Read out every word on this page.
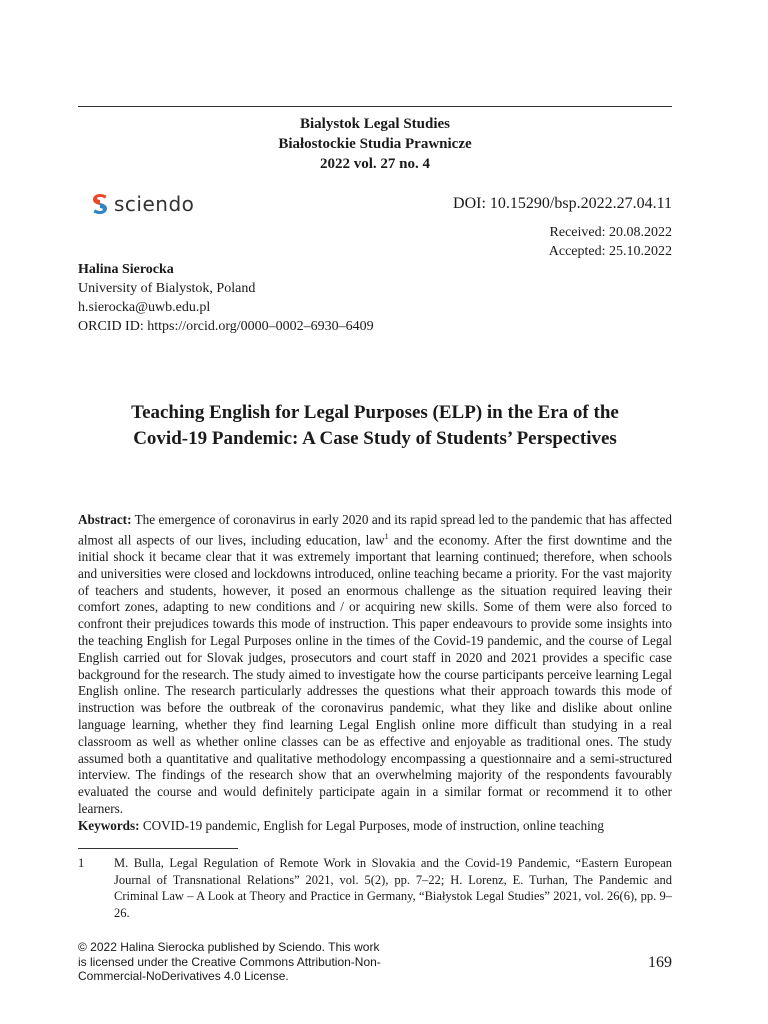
Bialystok Legal Studies
Białostockie Studia Prawnicze
2022 vol. 27 no. 4
sciendo	DOI: 10.15290/bsp.2022.27.04.11
Received: 20.08.2022
Accepted: 25.10.2022
Halina Sierocka
University of Bialystok, Poland
h.sierocka@uwb.edu.pl
ORCID ID: https://orcid.org/0000–0002–6930–6409
Teaching English for Legal Purposes (ELP) in the Era of the
Covid-19 Pandemic: A Case Study of Students’ Perspectives

Abstract: The emergence of coronavirus in early 2020 and its rapid spread led to the pandemic that has affected almost all aspects of our lives, including education, law$^1$ and the economy. After the first downtime and the initial shock it became clear that it was extremely important that learning continued; therefore, when schools and universities were closed and lockdowns introduced, online teaching became a priority. For the vast majority of teachers and students, however, it posed an enormous challenge as the situation required leaving their comfort zones, adapting to new conditions and / or acquiring new skills. Some of them were also forced to confront their prejudices towards this mode of instruction. This paper endeavours to provide some insights into the teaching English for Legal Purposes online in the times of the Covid-19 pandemic, and the course of Legal English carried out for Slovak judges, prosecutors and court staff in 2020 and 2021 provides a specific case background for the research. The study aimed to investigate how the course participants perceive learning Legal English online. The research particularly addresses the questions what their approach towards this mode of instruction was before the outbreak of the coronavirus pandemic, what they like and dislike about online language learning, whether they find learning Legal English online more difficult than studying in a real classroom as well as whether online classes can be as effective and enjoyable as traditional ones. The study assumed both a quantitative and qualitative methodology encompassing a questionnaire and a semi-structured interview. The findings of the research show that an overwhelming majority of the respondents favourably evaluated the course and would definitely participate again in a similar format or recommend it to other learners.

Keywords: COVID-19 pandemic, English for Legal Purposes, mode of instruction, online teaching

1	M. Bulla, Legal Regulation of Remote Work in Slovakia and the Covid-19 Pandemic, “Eastern European Journal of Transnational Relations” 2021, vol. 5(2), pp. 7–22; H. Lorenz, E. Turhan, The Pandemic and Criminal Law – A Look at Theory and Practice in Germany, “Białystok Legal Studies” 2021, vol. 26(6), pp. 9–26.
© 2022 Halina Sierocka published by Sciendo. This work
is licensed under the Creative Commons Attribution-Non-
Commercial-NoDerivatives 4.0 License.
169
